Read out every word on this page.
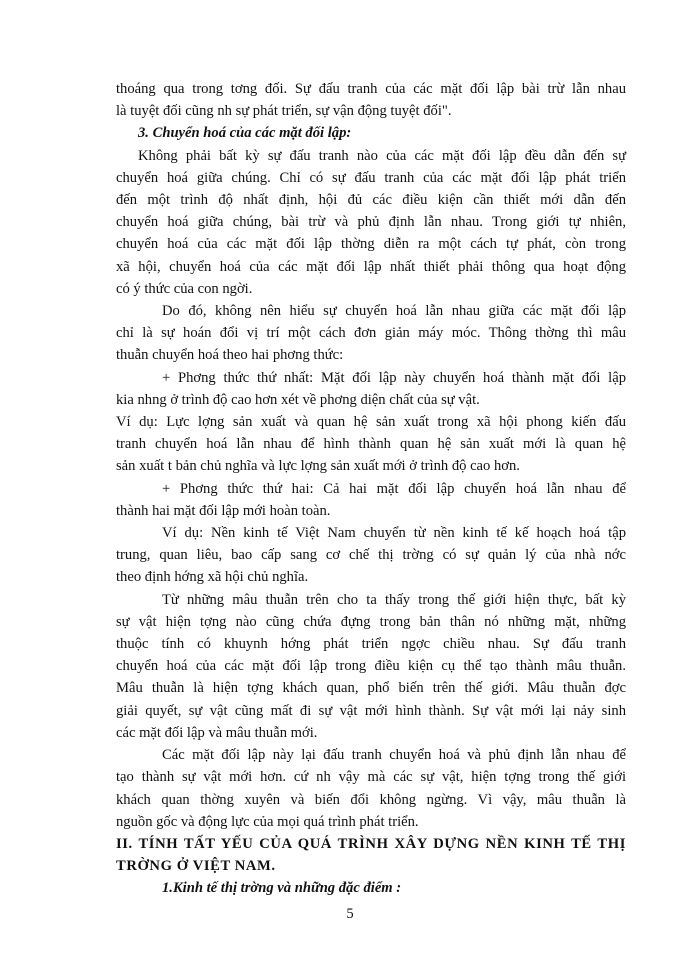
thoáng qua trong tơng đối. Sự đấu tranh của các mặt đối lập bài trừ lẫn nhau

là tuyệt đối cũng nh sự phát triển, sự vận động tuyệt đối".

3. Chuyển hoá của các mặt đối lập:

Không phải bất kỳ sự đấu tranh nào của các mặt đối lập đều dẫn đến sự

chuyển hoá giữa chúng. Chỉ có sự đấu tranh của các mặt đối lập phát triển

đến một trình độ nhất định, hội đủ các điều kiện cần thiết mới dẫn đến

chuyển hoá giữa chúng, bài trừ và phủ định lẫn nhau. Trong giới tự nhiên,

chuyển hoá của các mặt đối lập thờng diễn ra một cách tự phát, còn trong

xã hội, chuyển hoá của các mặt đối lập nhất thiết phải thông qua hoạt động

có ý thức của con ngời.

Do đó, không nên hiểu sự chuyển hoá lẫn nhau giữa các mặt đối lập

chỉ là sự hoán đổi vị trí một cách đơn giản máy móc. Thông thờng thì mâu

thuẫn chuyển hoá theo hai phơng thức:

+ Phơng thức thứ nhất: Mặt đối lập này chuyển hoá thành mặt đối lập

kia nhng ở trình độ cao hơn xét về phơng diện chất của sự vật.

Ví dụ: Lực lợng sản xuất và quan hệ sản xuất trong xã hội phong kiến đấu

tranh chuyển hoá lẫn nhau để hình thành quan hệ sản xuất mới là quan hệ

sản xuất t bản chủ nghĩa và lực lợng sản xuất mới ở trình độ cao hơn.

+ Phơng thức thứ hai: Cả hai mặt đối lập chuyển hoá lẫn nhau để

thành hai mặt đối lập mới hoàn toàn.

Ví dụ: Nền kinh tế Việt Nam chuyển từ nền kinh tế kế hoạch hoá tập

trung, quan liêu, bao cấp sang cơ chế thị trờng có sự quản lý của nhà nớc

theo định hớng xã hội chủ nghĩa.

Từ những mâu thuẫn trên cho ta thấy trong thế giới hiện thực, bất kỳ

sự vật hiện tợng nào cũng chứa đựng trong bản thân nó những mặt, những

thuộc tính có khuynh hớng phát triển ngợc chiều nhau. Sự đấu tranh

chuyển hoá của các mặt đối lập trong điều kiện cụ thể tạo thành mâu thuẫn.

Mâu thuẫn là hiện tợng khách quan, phổ biến trên thế giới. Mâu thuẫn đợc

giải quyết, sự vật cũng mất đi sự vật mới hình thành. Sự vật mới lại nảy sinh

các mặt đối lập và mâu thuẫn mới.

Các mặt đối lập này lại đấu tranh chuyển hoá và phủ định lẫn nhau để

tạo thành sự vật mới hơn. cứ nh vậy mà các sự vật, hiện tợng trong thế giới

khách quan thờng xuyên và biến đổi không ngừng. Vì vậy, mâu thuẫn là

nguồn gốc và động lực của mọi quá trình phát triển.

II. TÍNH TẤT YẾU CỦA QUÁ TRÌNH XÂY DỰNG NỀN KINH TẾ THỊ

TRỜNG Ở VIỆT NAM.

1.Kinh tế thị trờng và những đặc điểm :

5
